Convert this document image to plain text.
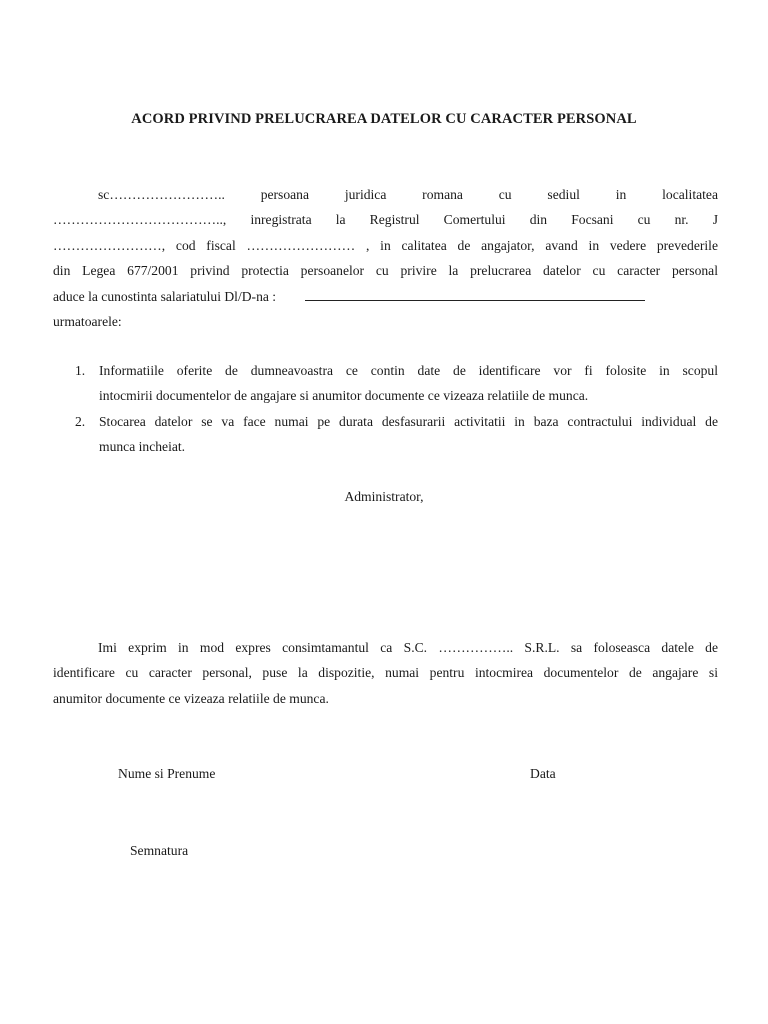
ACORD PRIVIND PRELUCRAREA DATELOR CU CARACTER PERSONAL
sc…………………….. persoana juridica romana cu sediul in localitatea
……………………………….., inregistrata la Registrul Comertului din Focsani cu nr. J
……………………, cod fiscal …………………… , in calitatea de angajator, avand in vedere prevederile
din Legea 677/2001 privind protectia persoanelor cu privire la prelucrarea datelor cu caracter personal
aduce la cunostinta salariatului Dl/D-na :
urmatoarele:
1. Informatiile oferite de dumneavoastra ce contin date de identificare vor fi folosite in scopul
intocmirii documentelor de angajare si anumitor documente ce vizeaza relatiile de munca.
2. Stocarea datelor se va face numai pe durata desfasurarii activitatii in baza contractului individual de
munca incheiat.
Administrator,
Imi exprim in mod expres consimtamantul ca S.C. …………….. S.R.L. sa foloseasca datele de
identificare cu caracter personal, puse la dispozitie, numai pentru intocmirea documentelor de angajare si
anumitor documente ce vizeaza relatiile de munca.
Nume si Prenume	Data
Semnatura
